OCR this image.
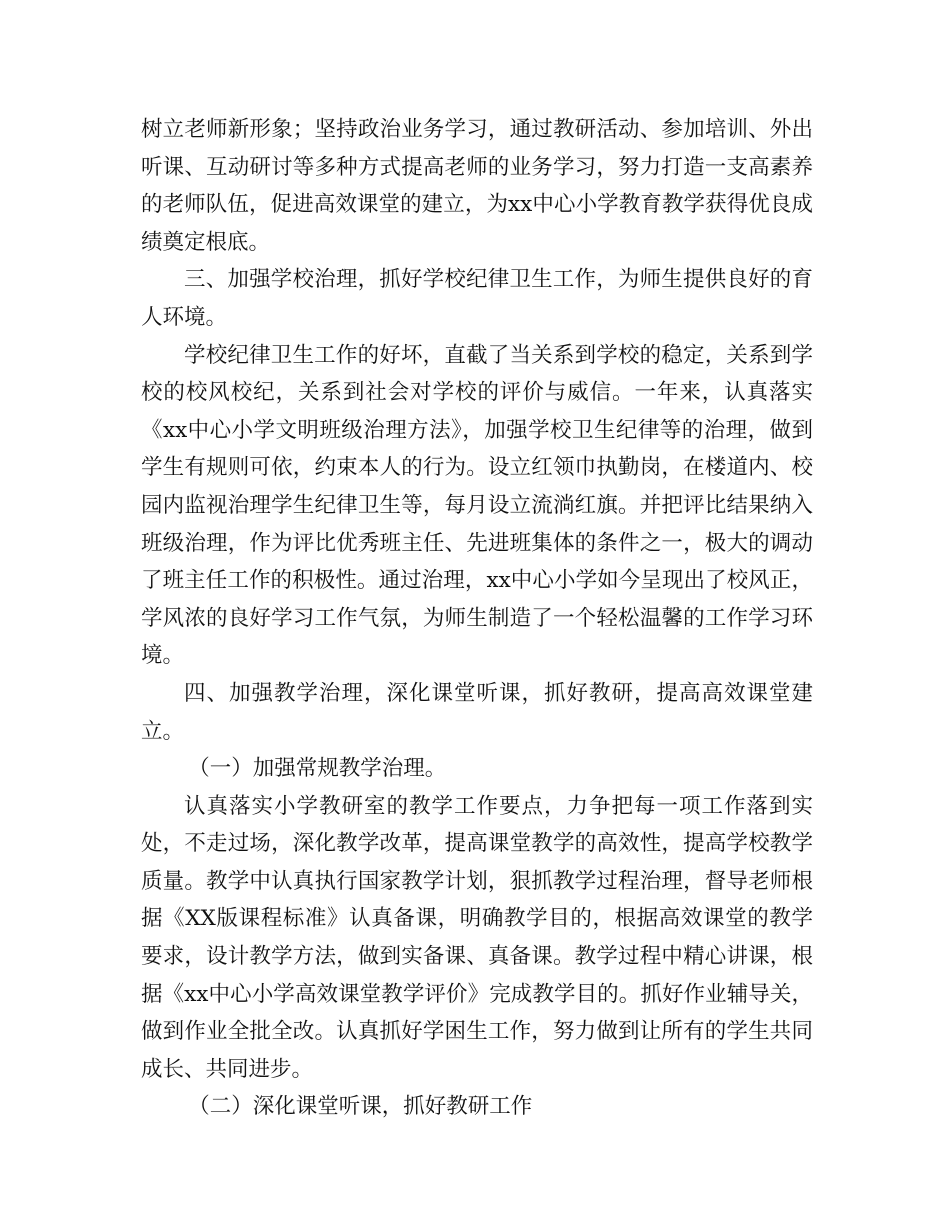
树立老师新形象；坚持政治业务学习，通过教研活动、参加培训、外出听课、互动研讨等多种方式提高老师的业务学习，努力打造一支高素养的老师队伍，促进高效课堂的建立，为xx中心小学教育教学获得优良成绩奠定根底。

三、加强学校治理，抓好学校纪律卫生工作，为师生提供良好的育人环境。

学校纪律卫生工作的好坏，直截了当关系到学校的稳定，关系到学校的校风校纪，关系到社会对学校的评价与威信。一年来，认真落实《xx中心小学文明班级治理方法》，加强学校卫生纪律等的治理，做到学生有规则可依，约束本人的行为。设立红领巾执勤岗，在楼道内、校园内监视治理学生纪律卫生等，每月设立流淌红旗。并把评比结果纳入班级治理，作为评比优秀班主任、先进班集体的条件之一，极大的调动了班主任工作的积极性。通过治理，xx中心小学如今呈现出了校风正，学风浓的良好学习工作气氛，为师生制造了一个轻松温馨的工作学习环境。

四、加强教学治理，深化课堂听课，抓好教研，提高高效课堂建立。

（一）加强常规教学治理。

认真落实小学教研室的教学工作要点，力争把每一项工作落到实处，不走过场，深化教学改革，提高课堂教学的高效性，提高学校教学质量。教学中认真执行国家教学计划，狠抓教学过程治理，督导老师根据《XX版课程标准》认真备课，明确教学目的，根据高效课堂的教学要求，设计教学方法，做到实备课、真备课。教学过程中精心讲课，根据《xx中心小学高效课堂教学评价》完成教学目的。抓好作业辅导关，做到作业全批全改。认真抓好学困生工作，努力做到让所有的学生共同成长、共同进步。

（二）深化课堂听课，抓好教研工作
